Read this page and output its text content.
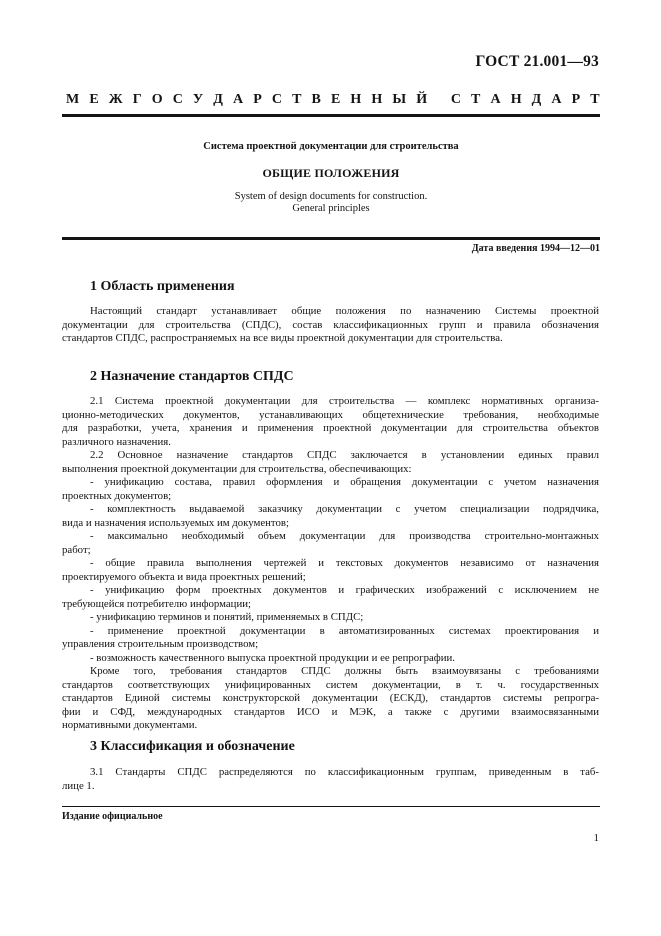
ГОСТ 21.001—93
М Е Ж Г О С У Д А Р С Т В Е Н Н Ы Й
С Т А Н Д А Р Т
Система проектной документации для строительства
ОБЩИЕ ПОЛОЖЕНИЯ
System of design documents for construction.
General principles
Дата введения 1994—12—01
1 Область применения
Настоящий стандарт устанавливает общие положения по назначению Системы проектной
документации для строительства (СПДС), состав классификационных групп и правила обозначения
стандартов СПДС, распространяемых на все виды проектной документации для строительства.
2 Назначение стандартов СПДС
2.1 Система проектной документации для строительства — комплекс нормативных организа-
ционно-методических документов, устанавливающих общетехнические требования, необходимые
для разработки, учета, хранения и применения проектной документации для строительства объектов
различного назначения.
2.2 Основное назначение стандартов СПДС заключается в установлении единых правил
выполнения проектной документации для строительства, обеспечивающих:
- унификацию состава, правил оформления и обращения документации с учетом назначения
проектных документов;
- комплектность выдаваемой заказчику документации с учетом специализации подрядчика,
вида и назначения используемых им документов;
- максимально необходимый объем документации для производства строительно-монтажных
работ;
- общие правила выполнения чертежей и текстовых документов независимо от назначения
проектируемого объекта и вида проектных решений;
- унификацию форм проектных документов и графических изображений с исключением не
требующейся потребителю информации;
- унификацию терминов и понятий, применяемых в СПДС;
- применение проектной документации в автоматизированных системах проектирования и
управления строительным производством;
- возможность качественного выпуска проектной продукции и ее репрографии.
Кроме того, требования стандартов СПДС должны быть взаимоувязаны с требованиями
стандартов соответствующих унифицированных систем документации, в т. ч. государственных
стандартов Единой системы конструкторской документации (ЕСКД), стандартов системы репрогра-
фии и СФД, международных стандартов ИСО и МЭК, а также с другими взаимосвязанными
нормативными документами.
3 Классификация и обозначение
3.1 Стандарты СПДС распределяются по классификационным группам, приведенным в таб-
лице 1.
Издание официальное
1
